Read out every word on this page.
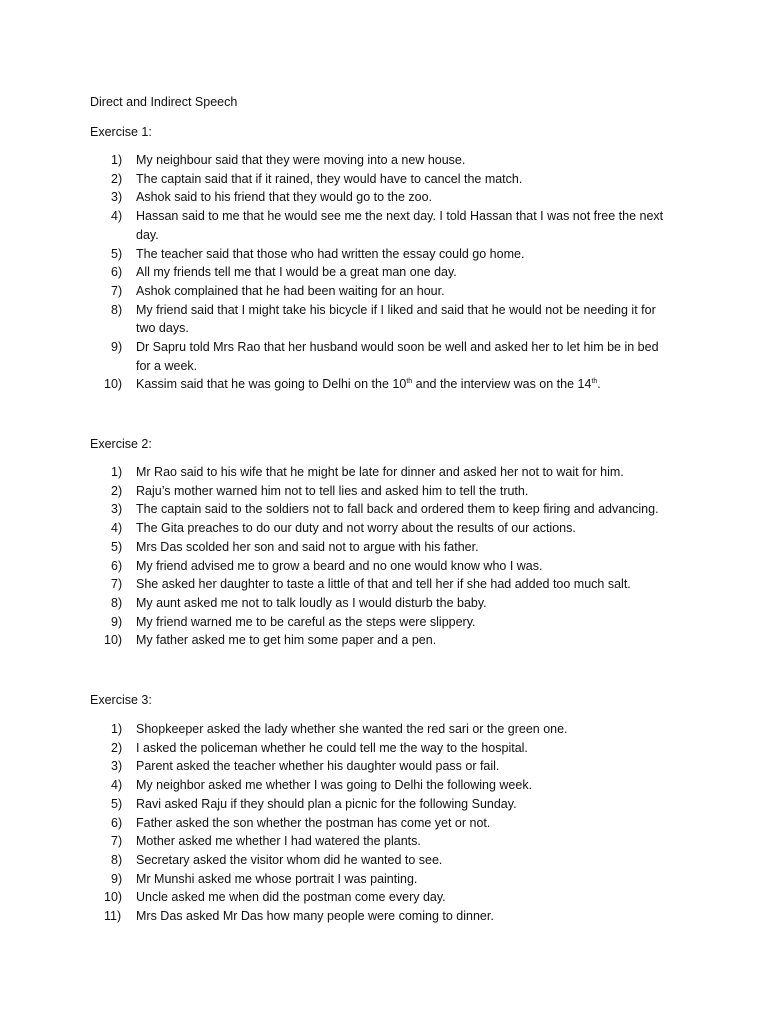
Direct and Indirect Speech
Exercise 1:
1) My neighbour said that they were moving into a new house.
2) The captain said that if it rained, they would have to cancel the match.
3) Ashok said to his friend that they would go to the zoo.
4) Hassan said to me that he would see me the next day. I told Hassan that I was not free the next day.
5) The teacher said that those who had written the essay could go home.
6) All my friends tell me that I would be a great man one day.
7) Ashok complained that he had been waiting for an hour.
8) My friend said that I might take his bicycle if I liked and said that he would not be needing it for two days.
9) Dr Sapru told Mrs Rao that her husband would soon be well and asked her to let him be in bed for a week.
10) Kassim said that he was going to Delhi on the 10th and the interview was on the 14th.
Exercise 2:
1) Mr Rao said to his wife that he might be late for dinner and asked her not to wait for him.
2) Raju’s mother warned him not to tell lies and asked him to tell the truth.
3) The captain said to the soldiers not to fall back and ordered them to keep firing and advancing.
4) The Gita preaches to do our duty and not worry about the results of our actions.
5) Mrs Das scolded her son and said not to argue with his father.
6) My friend advised me to grow a beard and no one would know who I was.
7) She asked her daughter to taste a little of that and tell her if she had added too much salt.
8) My aunt asked me not to talk loudly as I would disturb the baby.
9) My friend warned me to be careful as the steps were slippery.
10) My father asked me to get him some paper and a pen.
Exercise 3:
1) Shopkeeper asked the lady whether she wanted the red sari or the green one.
2) I asked the policeman whether he could tell me the way to the hospital.
3) Parent asked the teacher whether his daughter would pass or fail.
4) My neighbor asked me whether I was going to Delhi the following week.
5) Ravi asked Raju if they should plan a picnic for the following Sunday.
6) Father asked the son whether the postman has come yet or not.
7) Mother asked me whether I had watered the plants.
8) Secretary asked the visitor whom did he wanted to see.
9) Mr Munshi asked me whose portrait I was painting.
10) Uncle asked me when did the postman come every day.
11) Mrs Das asked Mr Das how many people were coming to dinner.
